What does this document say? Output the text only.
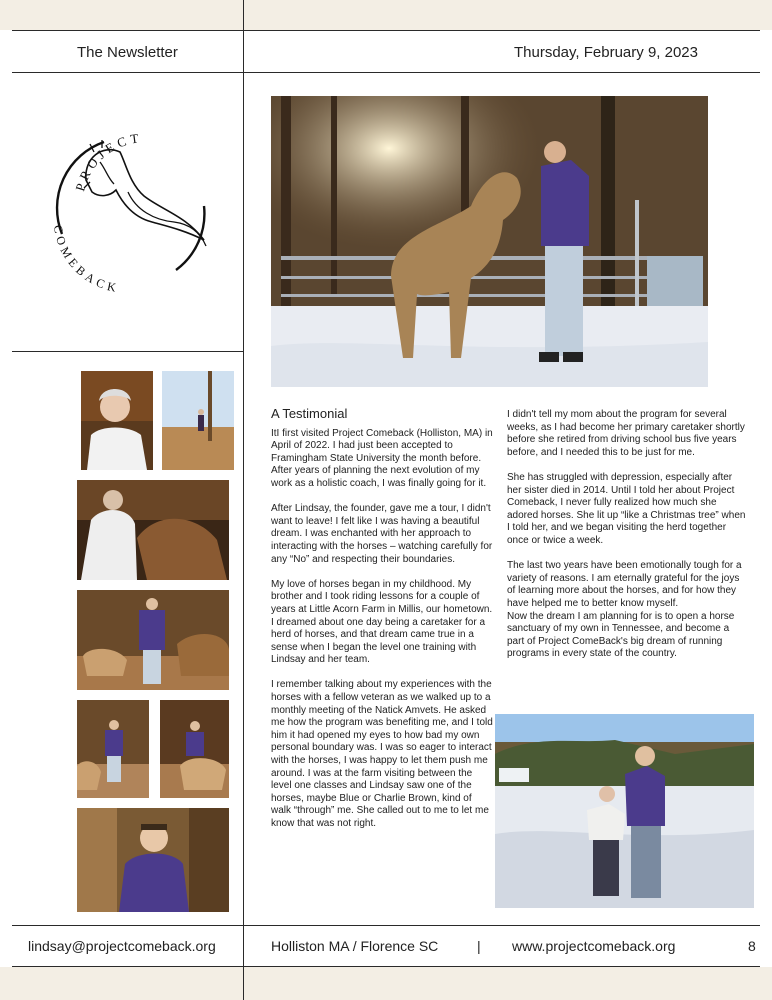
The Newsletter	Thursday, February 9, 2023
PROJECT
COMEBACK
A Testimonial

ItI first visited Project Comeback (Holliston, MA) in April of 2022. I had just been accepted to Framingham State University the month before. After years of planning the next evolution of my work as a holistic coach, I was finally going for it.

After Lindsay, the founder, gave me a tour, I didn't want to leave! I felt like I was having a beautiful dream. I was enchanted with her approach to interacting with the horses – watching carefully for any “No” and respecting their boundaries.

My love of horses began in my childhood. My brother and I took riding lessons for a couple of years at Little Acorn Farm in Millis, our hometown. I dreamed about one day being a caretaker for a herd of horses, and that dream came true in a sense when I began the level one training with Lindsay and her team.

I remember talking about my experiences with the horses with a fellow veteran as we walked up to a monthly meeting of the Natick Amvets. He asked me how the program was benefiting me, and I told him it had opened my eyes to how bad my own personal boundary was. I was so eager to interact with the horses, I was happy to let them push me around. I was at the farm visiting between the level one classes and Lindsay saw one of the horses, maybe Blue or Charlie Brown, kind of walk “through” me. She called out to me to let me know that was not right.

I didn't tell my mom about the program for several weeks, as I had become her primary caretaker shortly before she retired from driving school bus five years before, and I needed this to be just for me.

She has struggled with depression, especially after her sister died in 2014. Until I told her about Project Comeback, I never fully realized how much she adored horses. She lit up “like a Christmas tree” when I told her, and we began visiting the herd together once or twice a week.

The last two years have been emotionally tough for a variety of reasons. I am eternally grateful for the joys of learning more about the horses, and for how they have helped me to better know myself.

Now the dream I am planning for is to open a horse sanctuary of my own in Tennessee, and become a part of Project ComeBack's big dream of running programs in every state of the country.

lindsay@projectcomeback.org	Holliston MA / Florence SC	| www.projectcomeback.org	8
